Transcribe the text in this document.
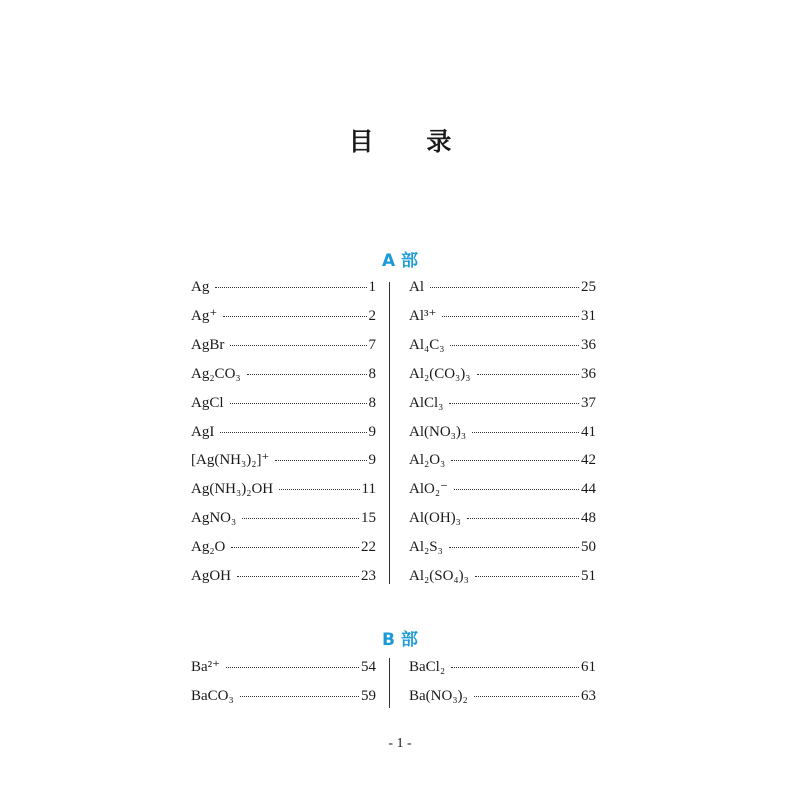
目 录
A 部
Ag	1
Ag⁺	2
AgBr	7
Ag₂CO₃	8
AgCl	8
AgI	9
[Ag(NH₃)₂]⁺	9
Ag(NH₃)₂OH	11
AgNO₃	15
Ag₂O	22
AgOH	23
Al	25
Al³⁺	31
Al₄C₃	36
Al₂(CO₃)₃	36
AlCl₃	37
Al(NO₃)₃	41
Al₂O₃	42
AlO₂⁻	44
Al(OH)₃	48
Al₂S₃	50
Al₂(SO₄)₃	51
B 部
Ba²⁺	54
BaCO₃	59
BaCl₂	61
Ba(NO₃)₂	63
- 1 -
